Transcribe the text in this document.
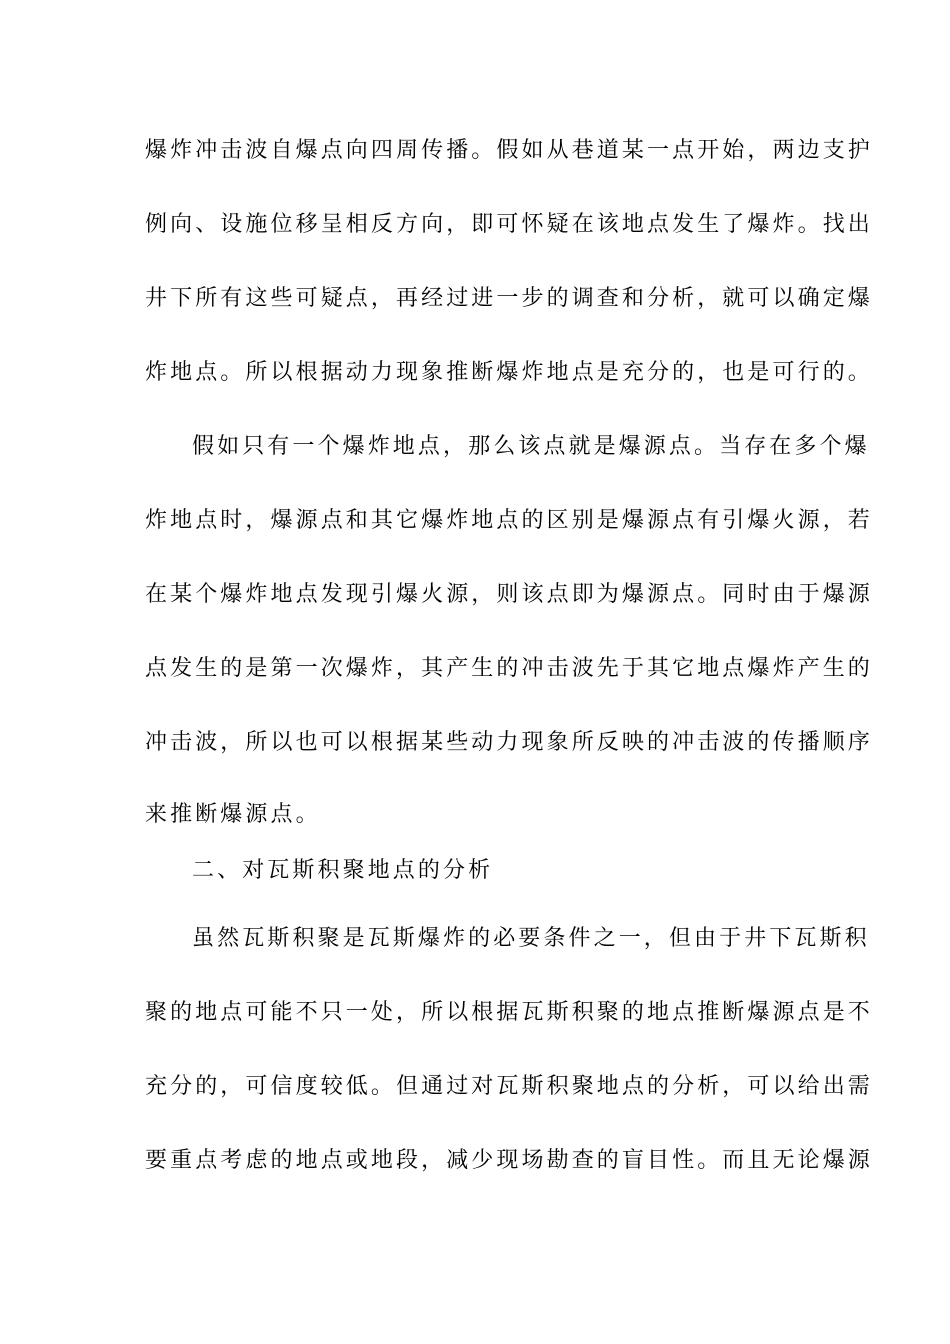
爆炸冲击波自爆点向四周传播。假如从巷道某一点开始，两边支护
例向、设施位移呈相反方向，即可怀疑在该地点发生了爆炸。找出
井下所有这些可疑点，再经过进一步的调查和分析，就可以确定爆
炸地点。所以根据动力现象推断爆炸地点是充分的，也是可行的。
假如只有一个爆炸地点，那么该点就是爆源点。当存在多个爆
炸地点时，爆源点和其它爆炸地点的区别是爆源点有引爆火源，若
在某个爆炸地点发现引爆火源，则该点即为爆源点。同时由于爆源
点发生的是第一次爆炸，其产生的冲击波先于其它地点爆炸产生的
冲击波，所以也可以根据某些动力现象所反映的冲击波的传播顺序
来推断爆源点。
二、对瓦斯积聚地点的分析
虽然瓦斯积聚是瓦斯爆炸的必要条件之一，但由于井下瓦斯积
聚的地点可能不只一处，所以根据瓦斯积聚的地点推断爆源点是不
充分的，可信度较低。但通过对瓦斯积聚地点的分析，可以给出需
要重点考虑的地点或地段，减少现场勘查的盲目性。而且无论爆源
